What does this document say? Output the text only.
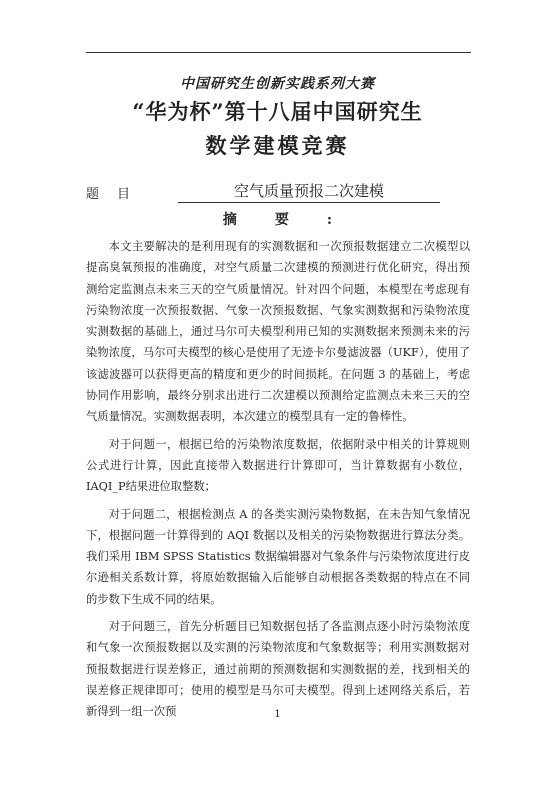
中国研究生创新实践系列大赛
“华为杯”第十八届中国研究生
数学建模竞赛
题目	空气质量预报二次建模
摘要:

本文主要解决的是利用现有的实测数据和一次预报数据建立二次模型以提高臭氧预报的准确度，对空气质量二次建模的预测进行优化研究，得出预测给定监测点未来三天的空气质量情况。针对四个问题，本模型在考虑现有污染物浓度一次预报数据、气象一次预报数据、气象实测数据和污染物浓度实测数据的基础上，通过马尔可夫模型利用已知的实测数据来预测未来的污染物浓度，马尔可夫模型的核心是使用了无迹卡尔曼滤波器（UKF），使用了该滤波器可以获得更高的精度和更少的时间损耗。在问题 3 的基础上，考虑协同作用影响，最终分别求出进行二次建模以预测给定监测点未来三天的空气质量情况。实测数据表明，本次建立的模型具有一定的鲁棒性。

对于问题一，根据已给的污染物浓度数据，依据附录中相关的计算规则公式进行计算，因此直接带入数据进行计算即可，当计算数据有小数位，IAQI_P结果进位取整数；

对于问题二，根据检测点 A 的各类实测污染物数据，在未告知气象情况下，根据问题一计算得到的 AQI 数据以及相关的污染物数据进行算法分类。我们采用 IBM SPSS Statistics 数据编辑器对气象条件与污染物浓度进行皮尔逊相关系数计算，将原始数据输入后能够自动根据各类数据的特点在不同的步数下生成不同的结果。

对于问题三，首先分析题目已知数据包括了各监测点逐小时污染物浓度和气象一次预报数据以及实测的污染物浓度和气象数据等；利用实测数据对预报数据进行误差修正，通过前期的预测数据和实测数据的差，找到相关的误差修正规律即可；使用的模型是马尔可夫模型。得到上述网络关系后，若新得到一组一次预	1
